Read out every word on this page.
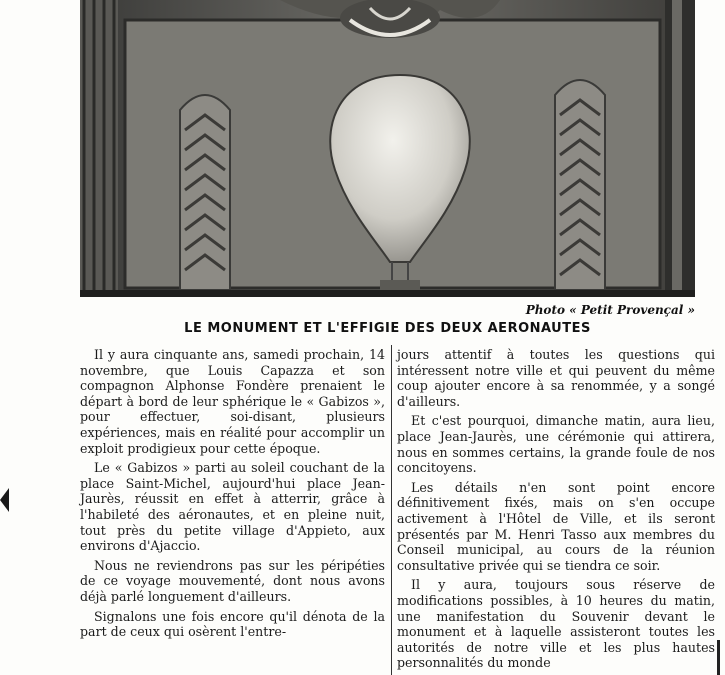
Photo « Petit Provençal »
LE MONUMENT ET L'EFFIGIE DES DEUX AERONAUTES

Il y aura cinquante ans, samedi prochain, 14 novembre, que Louis Capazza et son compagnon Alphonse Fondère prenaient le départ à bord de leur sphérique le « Gabizos », pour effectuer, soi-disant, plusieurs expériences, mais en réalité pour accomplir un exploit prodigieux pour cette époque.

Le « Gabizos » parti au soleil couchant de la place Saint-Michel, aujourd'hui place Jean-Jaurès, réussit en effet à atterrir, grâce à l'habileté des aéronautes, et en pleine nuit, tout près du petite village d'Appieto, aux environs d'Ajaccio.

Nous ne reviendrons pas sur les péripéties de ce voyage mouvementé, dont nous avons déjà parlé longuement d'ailleurs.

Signalons une fois encore qu'il dénota de la part de ceux qui osèrent l'entre-

jours attentif à toutes les questions qui intéressent notre ville et qui peuvent du même coup ajouter encore à sa renommée, y a songé d'ailleurs.

Et c'est pourquoi, dimanche matin, aura lieu, place Jean-Jaurès, une cérémonie qui attirera, nous en sommes certains, la grande foule de nos concitoyens.

Les détails n'en sont point encore définitivement fixés, mais on s'en occupe activement à l'Hôtel de Ville, et ils seront présentés par M. Henri Tasso aux membres du Conseil municipal, au cours de la réunion consultative privée qui se tiendra ce soir.

Il y aura, toujours sous réserve de modifications possibles, à 10 heures du matin, une manifestation du Souvenir devant le monument et à laquelle assisteront toutes les autorités de notre ville et les plus hautes personnalités du monde
